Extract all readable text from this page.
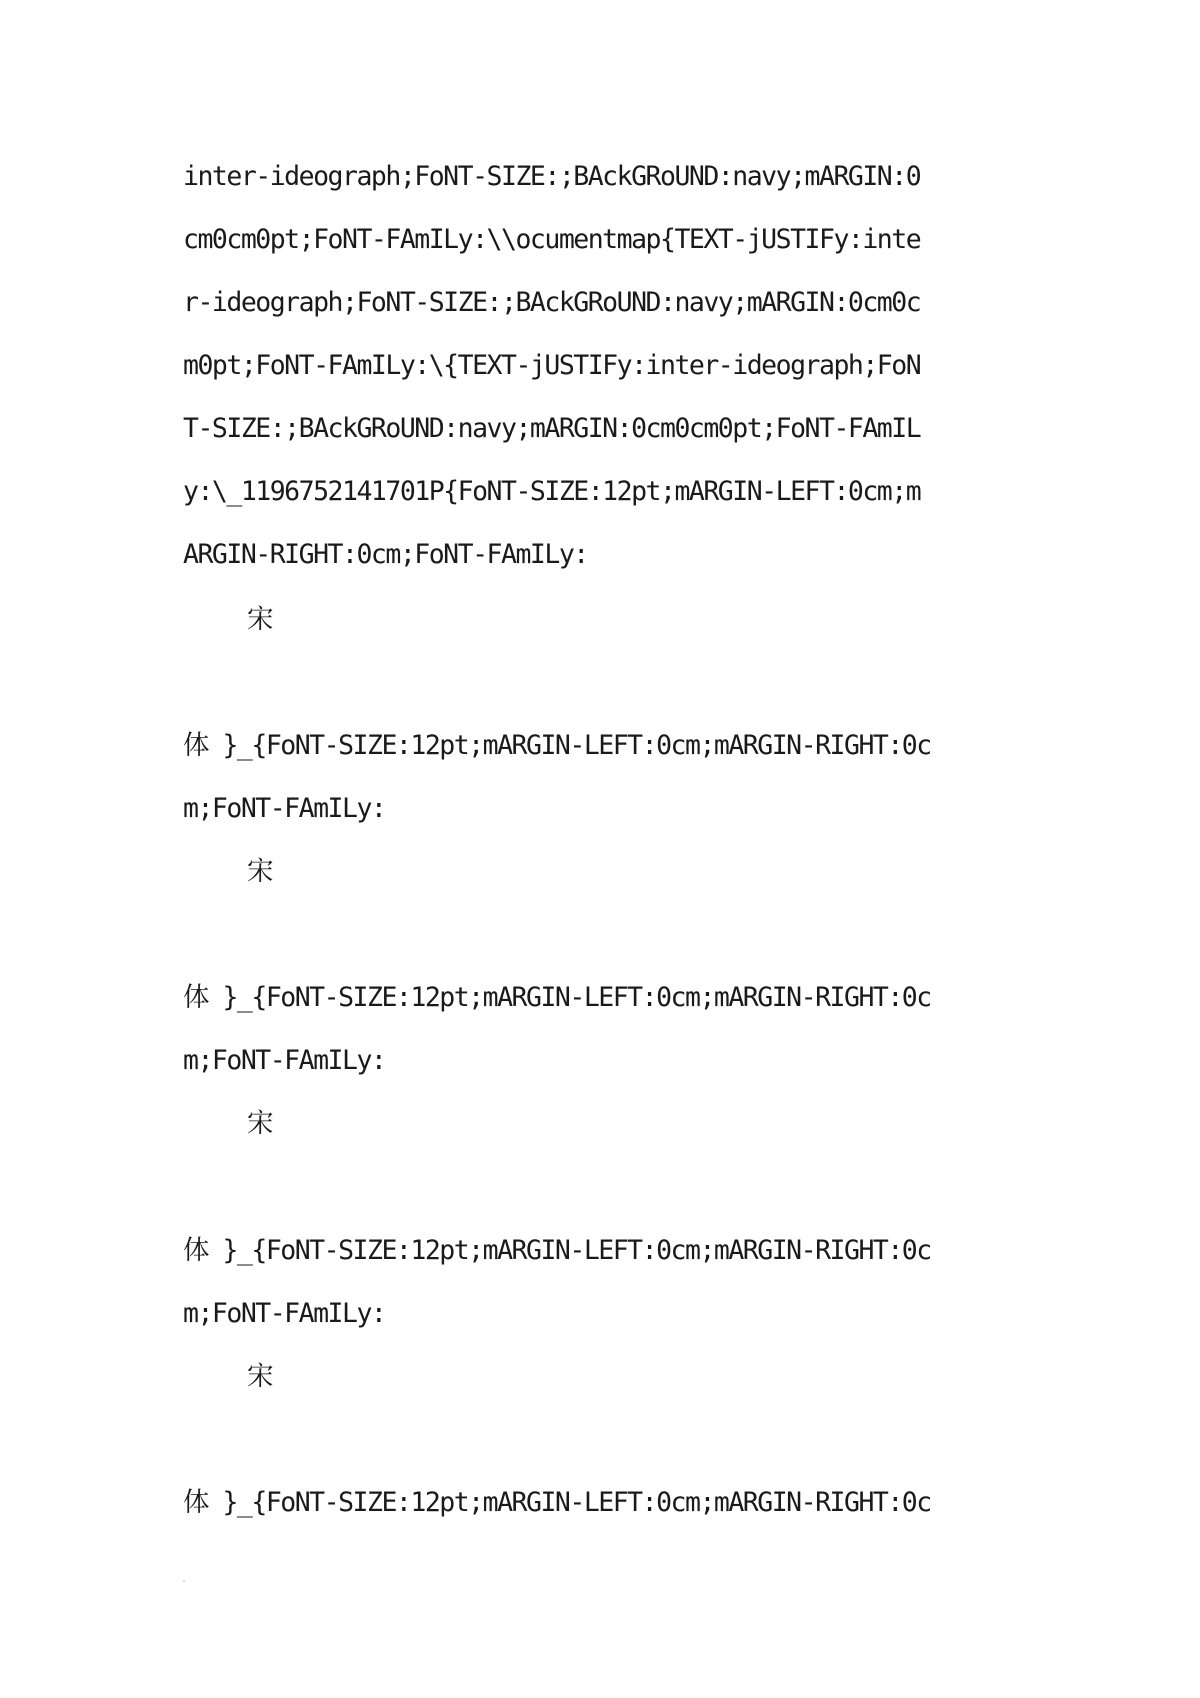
inter-ideograph;FoNT-SIZE:;BAckGRoUND:navy;mARGIN:0
cm0cm0pt;FoNT-FAmILy:\\ocumentmap{TEXT-jUSTIFy:inte
r-ideograph;FoNT-SIZE:;BAckGRoUND:navy;mARGIN:0cm0c
m0pt;FoNT-FAmILy:\{TEXT-jUSTIFy:inter-ideograph;FoN
T-SIZE:;BAckGRoUND:navy;mARGIN:0cm0cm0pt;FoNT-FAmIL
y:\_1196752141701P{FoNT-SIZE:12pt;mARGIN-LEFT:0cm;m
ARGIN-RIGHT:0cm;FoNT-FAmILy:
宋
体 }_{FoNT-SIZE:12pt;mARGIN-LEFT:0cm;mARGIN-RIGHT:0c
m;FoNT-FAmILy:
宋
体 }_{FoNT-SIZE:12pt;mARGIN-LEFT:0cm;mARGIN-RIGHT:0c
m;FoNT-FAmILy:
宋
体 }_{FoNT-SIZE:12pt;mARGIN-LEFT:0cm;mARGIN-RIGHT:0c
m;FoNT-FAmILy:
宋
体 }_{FoNT-SIZE:12pt;mARGIN-LEFT:0cm;mARGIN-RIGHT:0c
